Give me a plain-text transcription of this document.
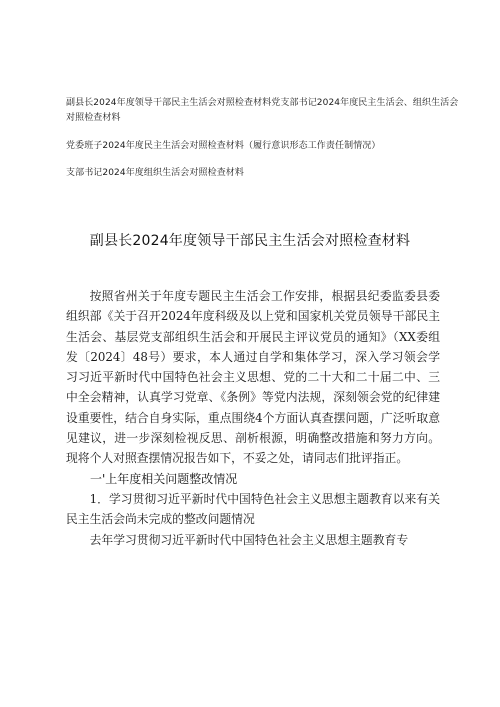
副县长2024年度领导干部民主生活会对照检查材料党支部书记2024年度民主生活会、组织生活会对照检查材料
党委班子2024年度民主生活会对照检查材料（履行意识形态工作责任制情况）
支部书记2024年度组织生活会对照检查材料
副县长2024年度领导干部民主生活会对照检查材料

按照省州关于年度专题民主生活会工作安排，根据县纪委监委县委组织部《关于召开2024年度科级及以上党和国家机关党员领导干部民主生活会、基层党支部组织生活会和开展民主评议党员的通知》（XX委组发〔2024〕48号）要求，本人通过自学和集体学习，深入学习领会学习习近平新时代中国特色社会主义思想、党的二十大和二十届二中、三中全会精神，认真学习党章、《条例》等党内法规，深刻领会党的纪律建设重要性，结合自身实际，重点围绕4个方面认真查摆问题，广泛听取意见建议，进一步深刻检视反思、剖析根源，明确整改措施和努力方向。现将个人对照查摆情况报告如下，不妥之处，请同志们批评指正。

一'上年度相关问题整改情况

1．学习贯彻习近平新时代中国特色社会主义思想主题教育以来有关民主生活会尚未完成的整改问题情况

去年学习贯彻习近平新时代中国特色社会主义思想主题教育专
